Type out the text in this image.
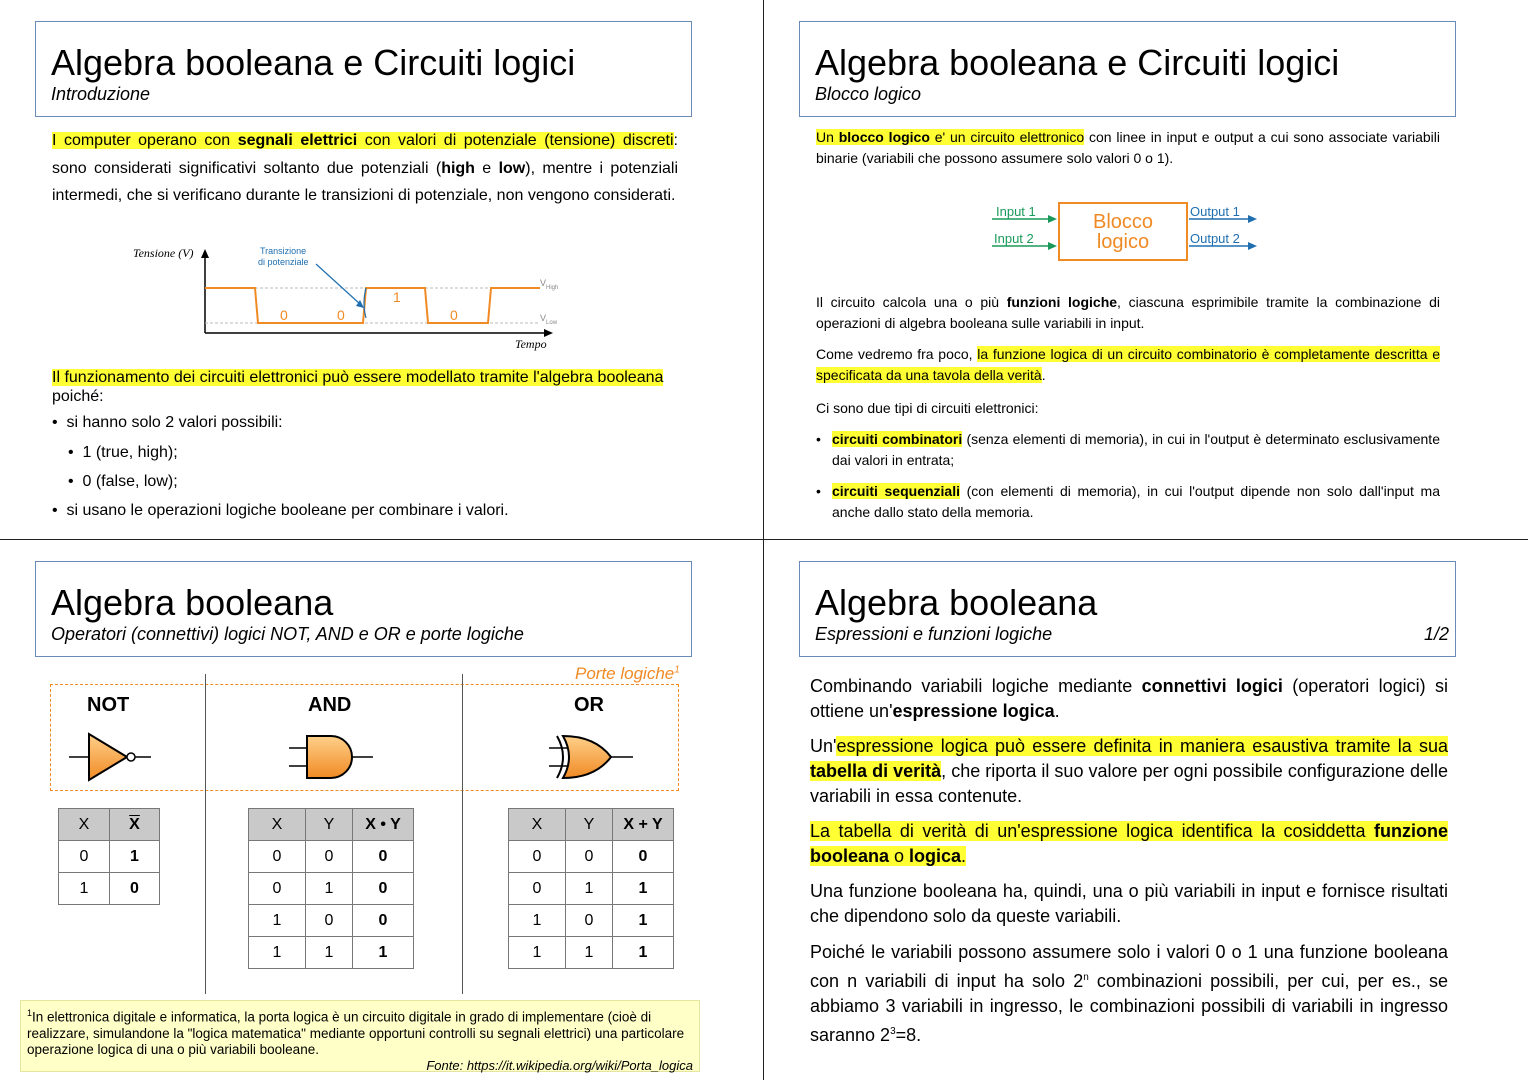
Algebra booleana e Circuiti logici
Introduzione
I computer operano con segnali elettrici con valori di potenziale (tensione) discreti: sono considerati significativi soltanto due potenziali (high e low), mentre i potenziali intermedi, che si verificano durante le transizioni di potenziale, non vengono considerati.
Tensione (V)
Tempo
$V_{High}$
$V_{Low}$
0	0
1
0
Transizione
di potenziale
Il funzionamento dei circuiti elettronici può essere modellato tramite l'algebra booleana
poiché:
•  si hanno solo 2 valori possibili:
•  1 (true, high);
•  0 (false, low);
•  si usano le operazioni logiche booleane per combinare i valori.
Algebra booleana e Circuiti logici
Blocco logico
Un blocco logico e' un circuito elettronico con linee in input e output a cui sono associate variabili binarie (variabili che possono assumere solo valori 0 o 1).
Input 1
Input 2
Blocco
logico
Output 1
Output 2
Il circuito calcola una o più funzioni logiche, ciascuna esprimibile tramite la combinazione di operazioni di algebra booleana sulle variabili in input.
Come vedremo fra poco, la funzione logica di un circuito combinatorio è completamente descritta e specificata da una tavola della verità.
Ci sono due tipi di circuiti elettronici:
• circuiti combinatori (senza elementi di memoria), in cui in l'output è determinato esclusivamente dai valori in entrata;
• circuiti sequenziali (con elementi di memoria), in cui l'output dipende non solo dall'input ma anche dallo stato della memoria.
Algebra booleana
Operatori (connettivi) logici NOT, AND e OR e porte logiche
Porte logiche$^1$
NOT	AND	OR
X	$\overline{X}$
0	1
1	0
X	Y	X • Y
0	0	0
0	1	0
1	0	0
1	1	1
X	Y	X + Y
0	0	0
0	1	1
1	0	1
1	1	1
$^1$In elettronica digitale e informatica, la porta logica è un circuito digitale in grado di implementare (cioè di realizzare, simulandone la "logica matematica" mediante opportuni controlli su segnali elettrici) una particolare operazione logica di una o più variabili booleane.
Fonte: https://it.wikipedia.org/wiki/Porta_logica
Algebra booleana
Espressioni e funzioni logiche	1/2
Combinando variabili logiche mediante connettivi logici (operatori logici) si ottiene un'espressione logica.
Un'espressione logica può essere definita in maniera esaustiva tramite la sua tabella di verità, che riporta il suo valore per ogni possibile configurazione delle variabili in essa contenute.
La tabella di verità di un'espressione logica identifica la cosiddetta funzione booleana o logica.
Una funzione booleana ha, quindi, una o più variabili in input e fornisce risultati che dipendono solo da queste variabili.
Poiché le variabili possono assumere solo i valori 0 o 1 una funzione booleana con n variabili di input ha solo 2$^n$ combinazioni possibili, per cui, per es., se abbiamo 3 variabili in ingresso, le combinazioni possibili di variabili in ingresso saranno $2^3=8$.
